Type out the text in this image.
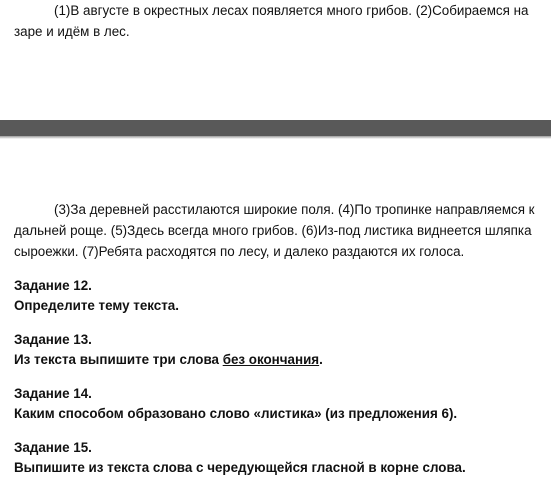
(1)В августе в окрестных лесах появляется много грибов. (2)Собираемся на заре и идём в лес.

(3)За деревней расстилаются широкие поля. (4)По тропинке направляемся к дальней роще. (5)Здесь всегда много грибов. (6)Из-под листика виднеется шляпка сыроежки. (7)Ребята расходятся по лесу, и далеко раздаются их голоса.

Задание 12.
Определите тему текста.
Задание 13.
Из текста выпишите три слова без окончания.
Задание 14.
Каким способом образовано слово «листика» (из предложения 6).
Задание 15.
Выпишите из текста слова с чередующейся гласной в корне слова.
